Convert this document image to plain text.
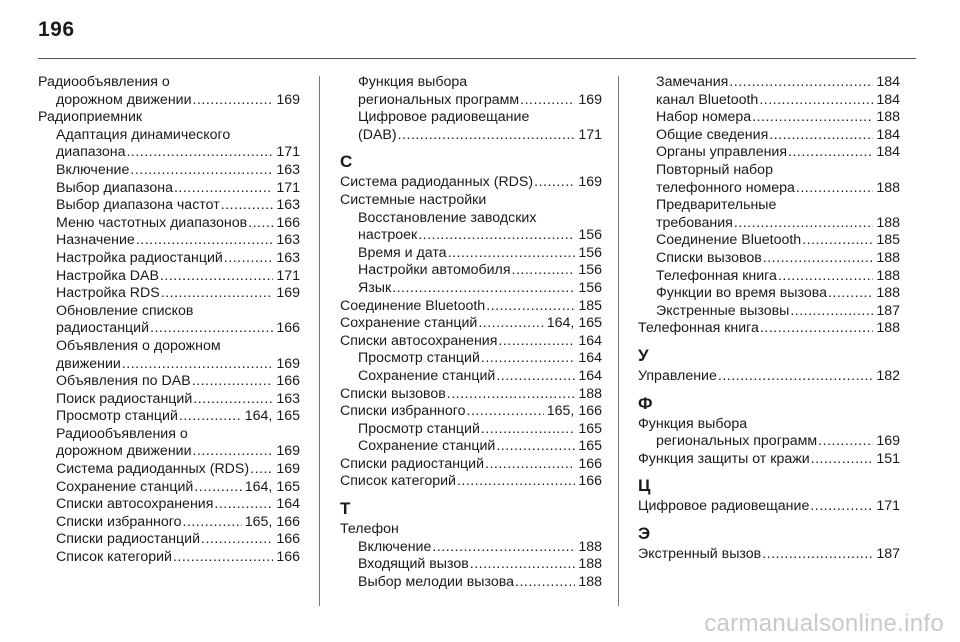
196
Радиообъявления о
дорожном движении .....	169
Радиоприемник
Адаптация динамического
диапазона .....	171
Включение .....	163
Выбор диапазона .....	171
Выбор диапазона частот .....	163
Меню частотных диапазонов ..... 166
Назначение .....	163
Настройка радиостанций .....	163
Настройка DAB .....	171
Настройка RDS .....	169
Обновление списков
радиостанций .....	166
Объявления о дорожном
движении .....	169
Объявления по DAB .....	166
Поиск радиостанций .....	163
Просмотр станций .....	164, 165
Радиообъявления о
дорожном движении .....	169
Система радиоданных (RDS) ..... 169
Сохранение станций .....	164, 165
Списки автосохранения .....	164
Списки избранного .....	165, 166
Списки радиостанций .....	166
Список категорий .....	166
Функция выбора
региональных программ .....	169
Цифровое радиовещание
(DAB) .....	171
С
Система радиоданных (RDS) .....	169
Системные настройки
Восстановление заводских
настроек .....	156
Время и дата .....	156
Настройки автомобиля .....	156
Язык .....	156
Соединение Bluetooth .....	185
Сохранение станций .....	164, 165
Списки автосохранения .....	164
Просмотр станций .....	164
Сохранение станций .....	164
Списки вызовов .....	188
Списки избранного .....	165, 166
Просмотр станций .....	165
Сохранение станций .....	165
Списки радиостанций .....	166
Список категорий .....	166
Т
Телефон
Включение .....	188
Входящий вызов .....	188
Выбор мелодии вызова .....	188
Замечания .....	184
канал Bluetooth .....	184
Набор номера .....	188
Общие сведения .....	184
Органы управления .....	184
Повторный набор
телефонного номера .....	188
Предварительные
требования .....	188
Соединение Bluetooth .....	185
Списки вызовов .....	188
Телефонная книга .....	188
Функции во время вызова .....	188
Экстренные вызовы .....	187
Телефонная книга .....	188
У
Управление .....	182
Ф
Функция выбора
региональных программ .....	169
Функция защиты от кражи .....	151
Ц
Цифровое радиовещание .....	171
Э
Экстренный вызов .....	187
carmanualsonline.info
